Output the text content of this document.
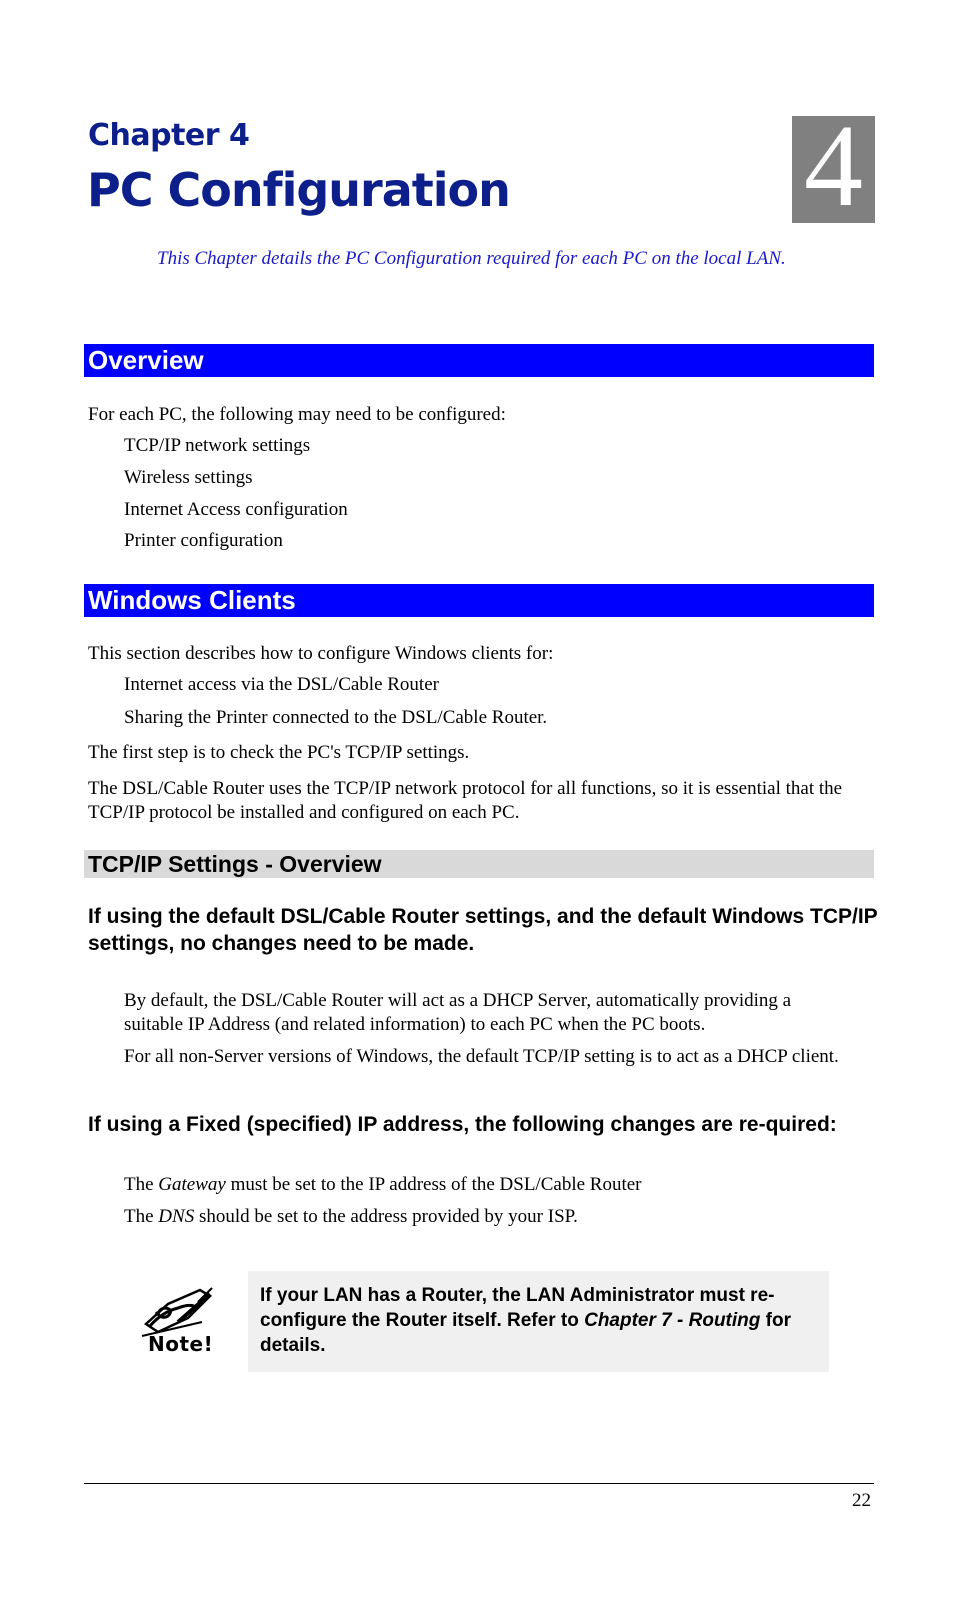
Chapter 4
PC Configuration 4
This Chapter details the PC Configuration required for each PC on the local LAN.
Overview
For each PC, the following may need to be configured:
TCP/IP network settings
Wireless settings
Internet Access configuration
Printer configuration
Windows Clients
This section describes how to configure Windows clients for:
Internet access via the DSL/Cable Router
Sharing the Printer connected to the DSL/Cable Router.
The first step is to check the PC's TCP/IP settings.
The DSL/Cable Router uses the TCP/IP network protocol for all functions, so it is essential that the TCP/IP protocol be installed and configured on each PC.
TCP/IP Settings - Overview
If using the default DSL/Cable Router settings, and the default Windows TCP/IP settings, no changes need to be made.
By default, the DSL/Cable Router will act as a DHCP Server, automatically providing a suitable IP Address (and related information) to each PC when the PC boots.
For all non-Server versions of Windows, the default TCP/IP setting is to act as a DHCP client.
If using a Fixed (specified) IP address, the following changes are re-quired:
The Gateway must be set to the IP address of the DSL/Cable Router
The DNS should be set to the address provided by your ISP.
Note!
If your LAN has a Router, the LAN Administrator must re-configure the Router itself. Refer to Chapter 7 - Routing for details.
22
